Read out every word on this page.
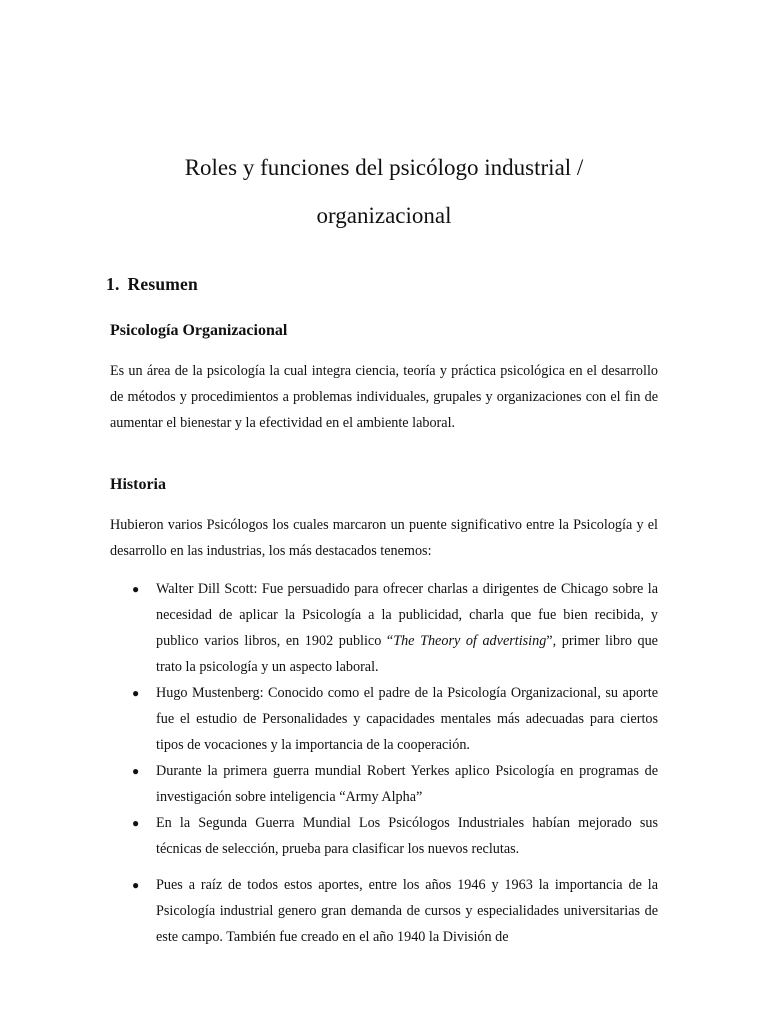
Roles y funciones del psicólogo industrial /
organizacional
1. Resumen
Psicología Organizacional

Es un área de la psicología la cual integra ciencia, teoría y práctica psicológica en el desarrollo de métodos y procedimientos a problemas individuales, grupales y organizaciones con el fin de aumentar el bienestar y la efectividad en el ambiente laboral.

Historia

Hubieron varios Psicólogos los cuales marcaron un puente significativo entre la Psicología y el desarrollo en las industrias, los más destacados tenemos:

● Walter Dill Scott: Fue persuadido para ofrecer charlas a dirigentes de Chicago sobre la necesidad de aplicar la Psicología a la publicidad, charla que fue bien recibida, y publico varios libros, en 1902 publico “The Theory of advertising”, primer libro que trato la psicología y un aspecto laboral.
● Hugo Mustenberg: Conocido como el padre de la Psicología Organizacional, su aporte fue el estudio de Personalidades y capacidades mentales más adecuadas para ciertos tipos de vocaciones y la importancia de la cooperación.
● Durante la primera guerra mundial Robert Yerkes aplico Psicología en programas de investigación sobre inteligencia “Army Alpha”
● En la Segunda Guerra Mundial Los Psicólogos Industriales habían mejorado sus técnicas de selección, prueba para clasificar los nuevos reclutas.
● Pues a raíz de todos estos aportes, entre los años 1946 y 1963 la importancia de la Psicología industrial genero gran demanda de cursos y especialidades universitarias de este campo. También fue creado en el año 1940 la División de
